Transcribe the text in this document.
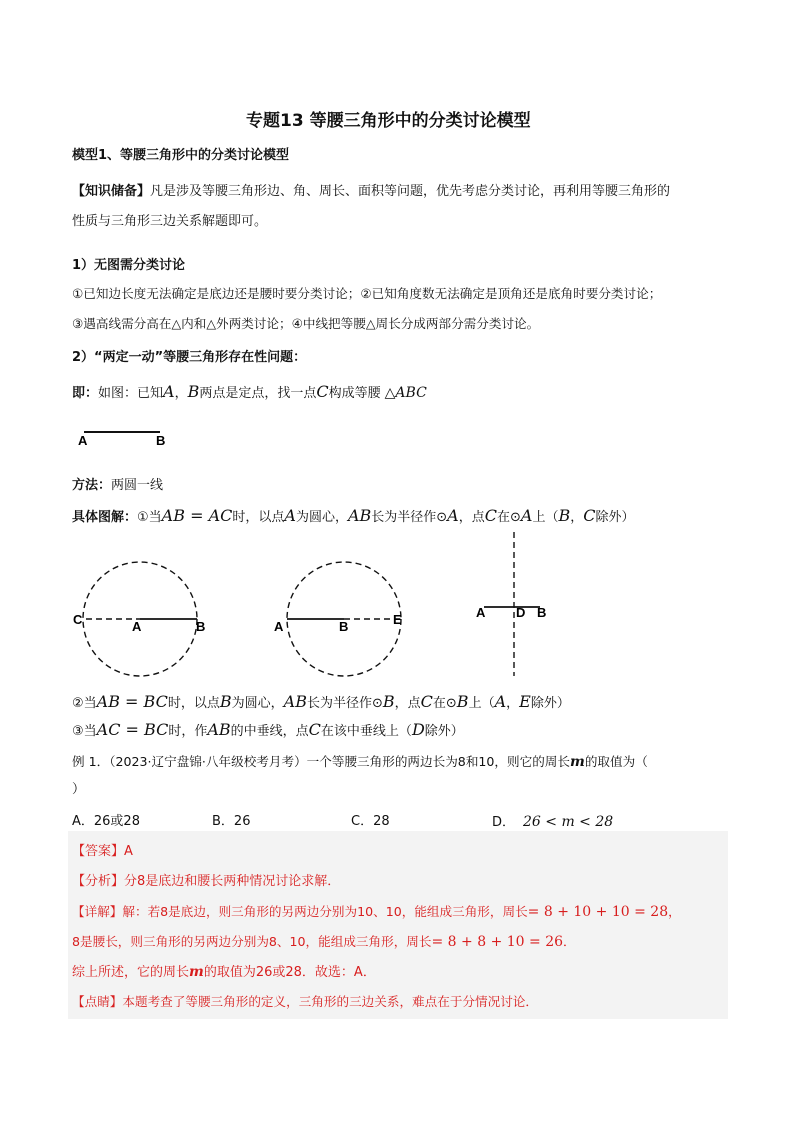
专题13 等腰三角形中的分类讨论模型
模型1、等腰三角形中的分类讨论模型
【知识储备】凡是涉及等腰三角形边、角、周长、面积等问题，优先考虑分类讨论，再利用等腰三角形的
性质与三角形三边关系解题即可。
1）无图需分类讨论
①已知边长度无法确定是底边还是腰时要分类讨论；②已知角度数无法确定是顶角还是底角时要分类讨论；
③遇高线需分高在△内和△外两类讨论；④中线把等腰△周长分成两部分需分类讨论。
2）“两定一动”等腰三角形存在性问题：
即：如图：已知A，B两点是定点，找一点C构成等腰 △ABC
A	B
方法：两圆一线
具体图解：①当AB = AC时，以点A为圆心，AB长为半径作⊙A，点C在⊙A上（B，C除外）
C	A	B	A	B	E	A D B
②当AB = BC时，以点B为圆心，AB长为半径作⊙B，点C在⊙B上（A，E除外）
③当AC = BC时，作AB的中垂线，点C在该中垂线上（D除外）
例 1．（2023·辽宁盘锦·八年级校考月考）一个等腰三角形的两边长为8和10，则它的周长m的取值为（
）
A．26或28	B．26	C．28	D． 26 < m < 28
【答案】A
【分析】分8是底边和腰长两种情况讨论求解．
【详解】解：若8是底边，则三角形的另两边分别为10、10，能组成三角形，周长= 8 + 10 + 10 = 28，
8是腰长，则三角形的另两边分别为8、10，能组成三角形，周长= 8 + 8 + 10 = 26．
综上所述，它的周长m的取值为26或28．故选：A．
【点睛】本题考查了等腰三角形的定义，三角形的三边关系，难点在于分情况讨论．
